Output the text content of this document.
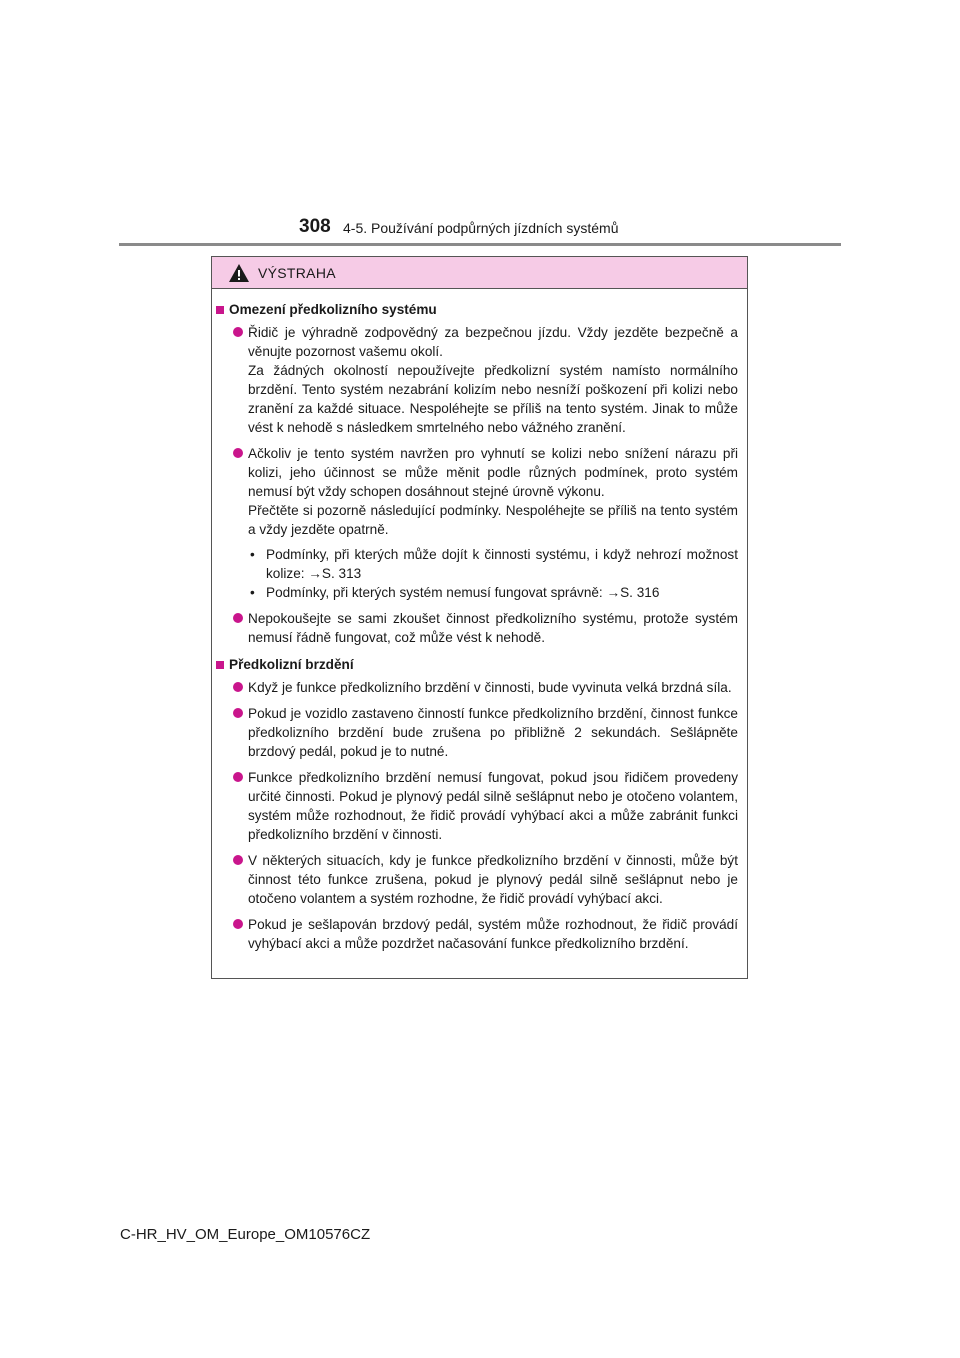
308 4-5. Používání podpůrných jízdních systémů
VÝSTRAHA
Omezení předkolizního systému

Řidič je výhradně zodpovědný za bezpečnou jízdu. Vždy jezděte bezpečně a věnujte pozornost vašemu okolí.

Za žádných okolností nepoužívejte předkolizní systém namísto normálního brzdění. Tento systém nezabrání kolizím nebo nesníží poškození při kolizi nebo zranění za každé situace. Nespoléhejte se příliš na tento systém. Jinak to může vést k nehodě s následkem smrtelného nebo vážného zranění.

Ačkoliv je tento systém navržen pro vyhnutí se kolizi nebo snížení nárazu při kolizi, jeho účinnost se může měnit podle různých podmínek, proto systém nemusí být vždy schopen dosáhnout stejné úrovně výkonu.

Přečtěte si pozorně následující podmínky. Nespoléhejte se příliš na tento systém a vždy jezděte opatrně.

• Podmínky, při kterých může dojít k činnosti systému, i když nehrozí možnost kolize: →S. 313
• Podmínky, při kterých systém nemusí fungovat správně: →S. 316

Nepokoušejte se sami zkoušet činnost předkolizního systému, protože systém nemusí řádně fungovat, což může vést k nehodě.

Předkolizní brzdění

Když je funkce předkolizního brzdění v činnosti, bude vyvinuta velká brzdná síla.

Pokud je vozidlo zastaveno činností funkce předkolizního brzdění, činnost funkce předkolizního brzdění bude zrušena po přibližně 2 sekundách. Sešlápněte brzdový pedál, pokud je to nutné.

Funkce předkolizního brzdění nemusí fungovat, pokud jsou řidičem provedeny určité činnosti. Pokud je plynový pedál silně sešlápnut nebo je otočeno volantem, systém může rozhodnout, že řidič provádí vyhýbací akci a může zabránit funkci předkolizního brzdění v činnosti.

V některých situacích, kdy je funkce předkolizního brzdění v činnosti, může být činnost této funkce zrušena, pokud je plynový pedál silně sešlápnut nebo je otočeno volantem a systém rozhodne, že řidič provádí vyhýbací akci.

Pokud je sešlapován brzdový pedál, systém může rozhodnout, že řidič provádí vyhýbací akci a může pozdržet načasování funkce předkolizního brzdění.

C-HR_HV_OM_Europe_OM10576CZ
